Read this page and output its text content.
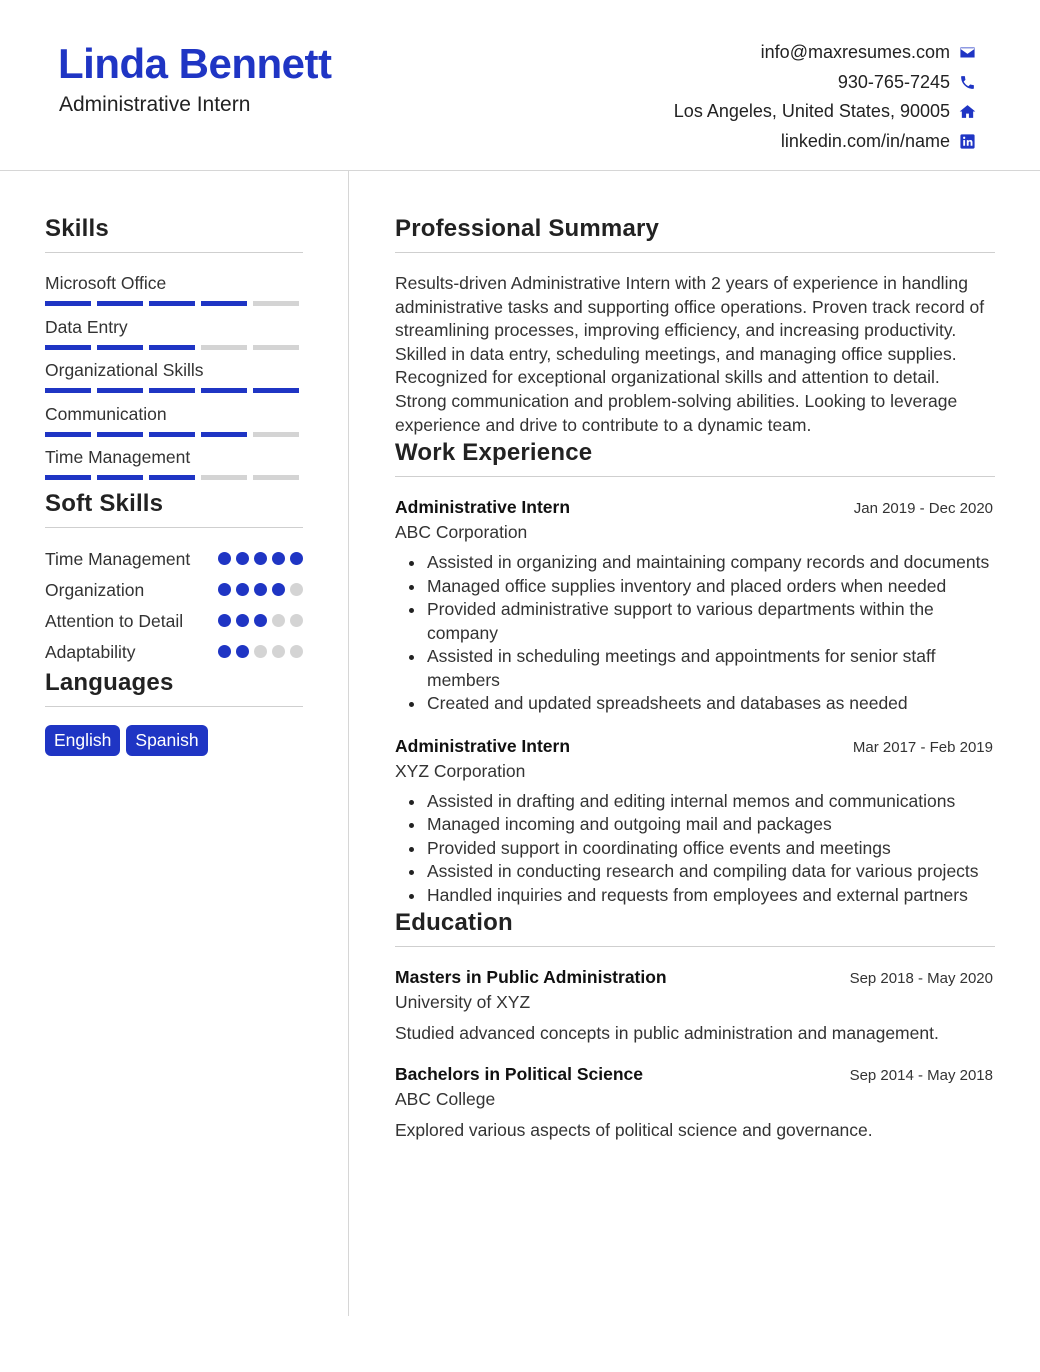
Linda Bennett
Administrative Intern
info@maxresumes.com
930-765-7245
Los Angeles, United States, 90005
linkedin.com/in/name
Skills
Microsoft Office
Data Entry
Organizational Skills
Communication
Time Management
Soft Skills
Time Management
Organization
Attention to Detail
Adaptability
Languages
English	Spanish
Professional Summary
Results-driven Administrative Intern with 2 years of experience in handling administrative tasks and supporting office operations. Proven track record of streamlining processes, improving efficiency, and increasing productivity. Skilled in data entry, scheduling meetings, and managing office supplies. Recognized for exceptional organizational skills and attention to detail. Strong communication and problem-solving abilities. Looking to leverage experience and drive to contribute to a dynamic team.
Work Experience
Administrative Intern	Jan 2019 - Dec 2020
ABC Corporation
Assisted in organizing and maintaining company records and documents
Managed office supplies inventory and placed orders when needed
Provided administrative support to various departments within the company
Assisted in scheduling meetings and appointments for senior staff members
Created and updated spreadsheets and databases as needed
Administrative Intern	Mar 2017 - Feb 2019
XYZ Corporation
Assisted in drafting and editing internal memos and communications
Managed incoming and outgoing mail and packages
Provided support in coordinating office events and meetings
Assisted in conducting research and compiling data for various projects
Handled inquiries and requests from employees and external partners
Education
Masters in Public Administration	Sep 2018 - May 2020
University of XYZ
Studied advanced concepts in public administration and management.
Bachelors in Political Science	Sep 2014 - May 2018
ABC College
Explored various aspects of political science and governance.
